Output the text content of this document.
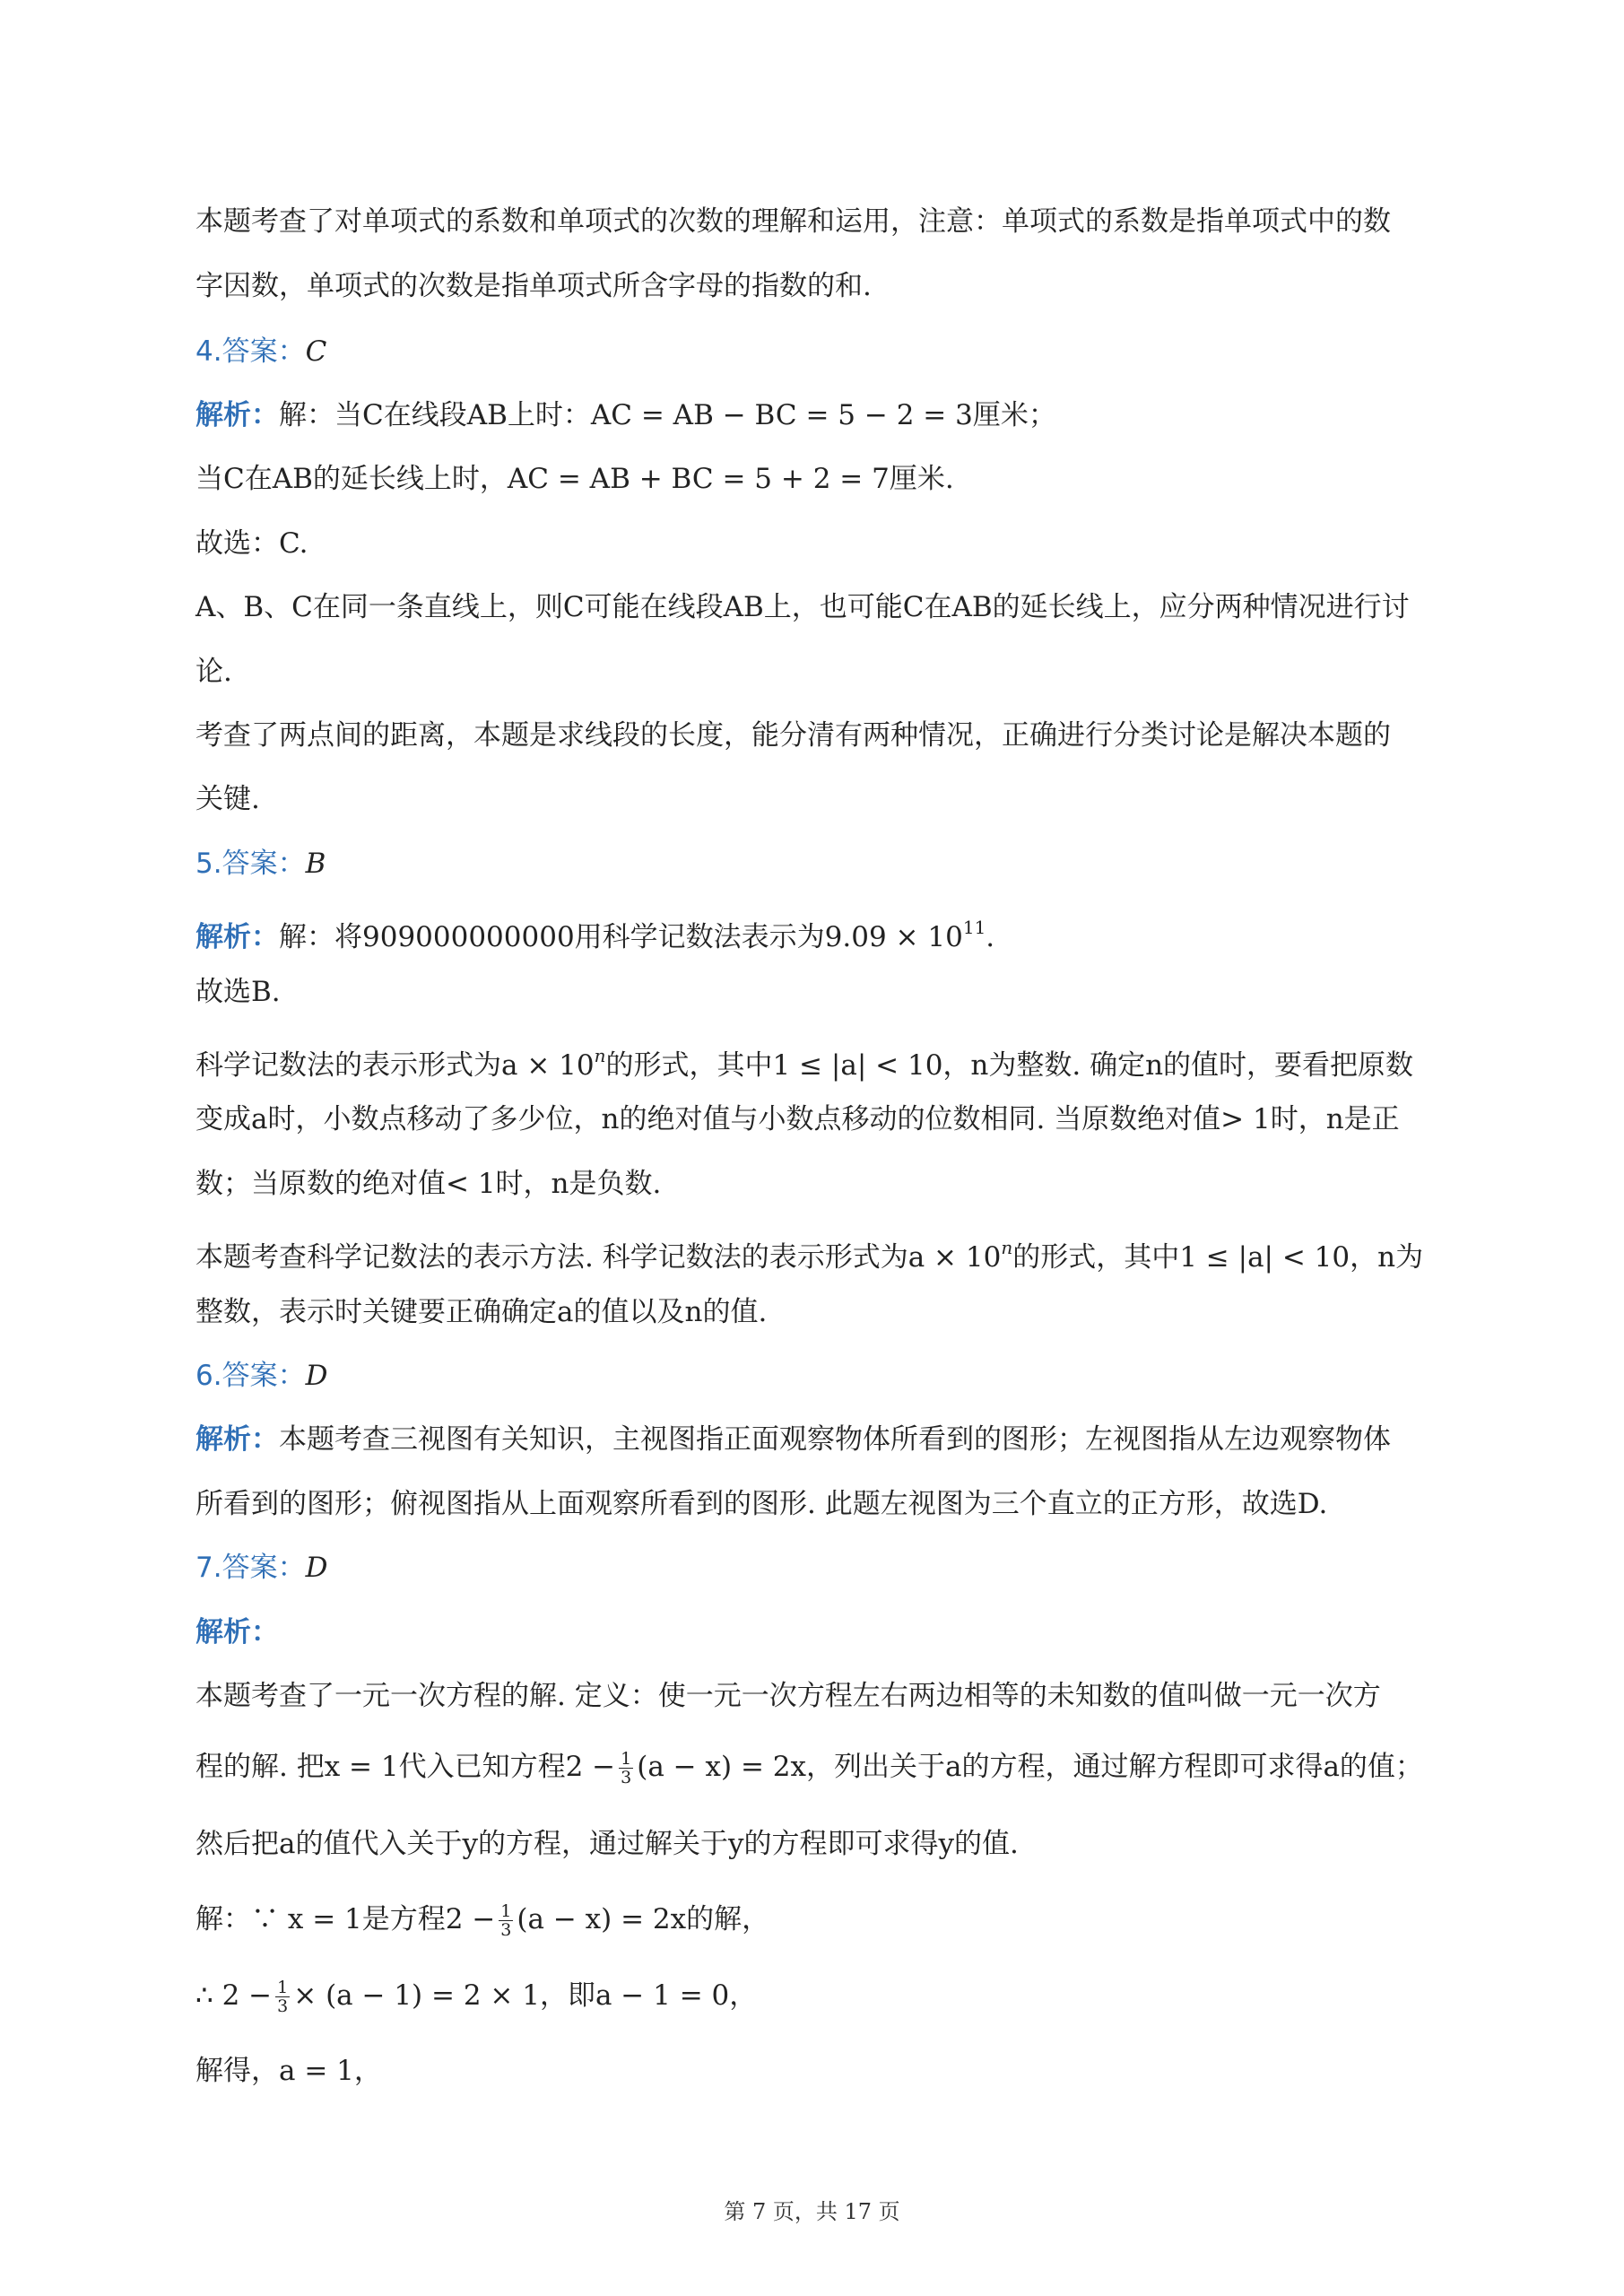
本题考查了对单项式的系数和单项式的次数的理解和运用，注意：单项式的系数是指单项式中的数
字因数，单项式的次数是指单项式所含字母的指数的和.
4.答案：C
解析：解：当C在线段AB上时：AC = AB − BC = 5 − 2 = 3厘米；
当C在AB的延长线上时，AC = AB + BC = 5 + 2 = 7厘米.
故选：C.
A、B、C在同一条直线上，则C可能在线段AB上，也可能C在AB的延长线上，应分两种情况进行讨
论.
考查了两点间的距离，本题是求线段的长度，能分清有两种情况，正确进行分类讨论是解决本题的
关键.
5.答案：B
解析：解：将909000000000用科学记数法表示为$9.09 \times 10^{11}$.
故选B.
科学记数法的表示形式为$a \times 10^n$的形式，其中1 ≤ |a| < 10，n为整数. 确定n的值时，要看把原数
变成a时，小数点移动了多少位，n的绝对值与小数点移动的位数相同. 当原数绝对值> 1时，n是正
数；当原数的绝对值< 1时，n是负数.
本题考查科学记数法的表示方法. 科学记数法的表示形式为$a \times 10^n$的形式，其中1 ≤ |a| < 10，n为
整数，表示时关键要正确确定a的值以及n的值.
6.答案：D
解析：本题考查三视图有关知识，主视图指正面观察物体所看到的图形；左视图指从左边观察物体
所看到的图形；俯视图指从上面观察所看到的图形. 此题左视图为三个直立的正方形，故选D.
7.答案：D
解析：
本题考查了一元一次方程的解. 定义：使一元一次方程左右两边相等的未知数的值叫做一元一次方
程的解. 把x = 1代入已知方程$2 - \frac{1}{3} (a - x) = 2x$，列出关于a的方程，通过解方程即可求得a的值；
然后把a的值代入关于y的方程，通过解关于y的方程即可求得y的值.
解：∵ x = 1是方程$2 - \frac{1}{3} (a - x) = 2x$的解，
∴ $2 - \frac{1}{3} \times (a - 1) = 2 \times 1$，即a − 1 = 0，
解得，a = 1，
第 7 页，共 17 页
